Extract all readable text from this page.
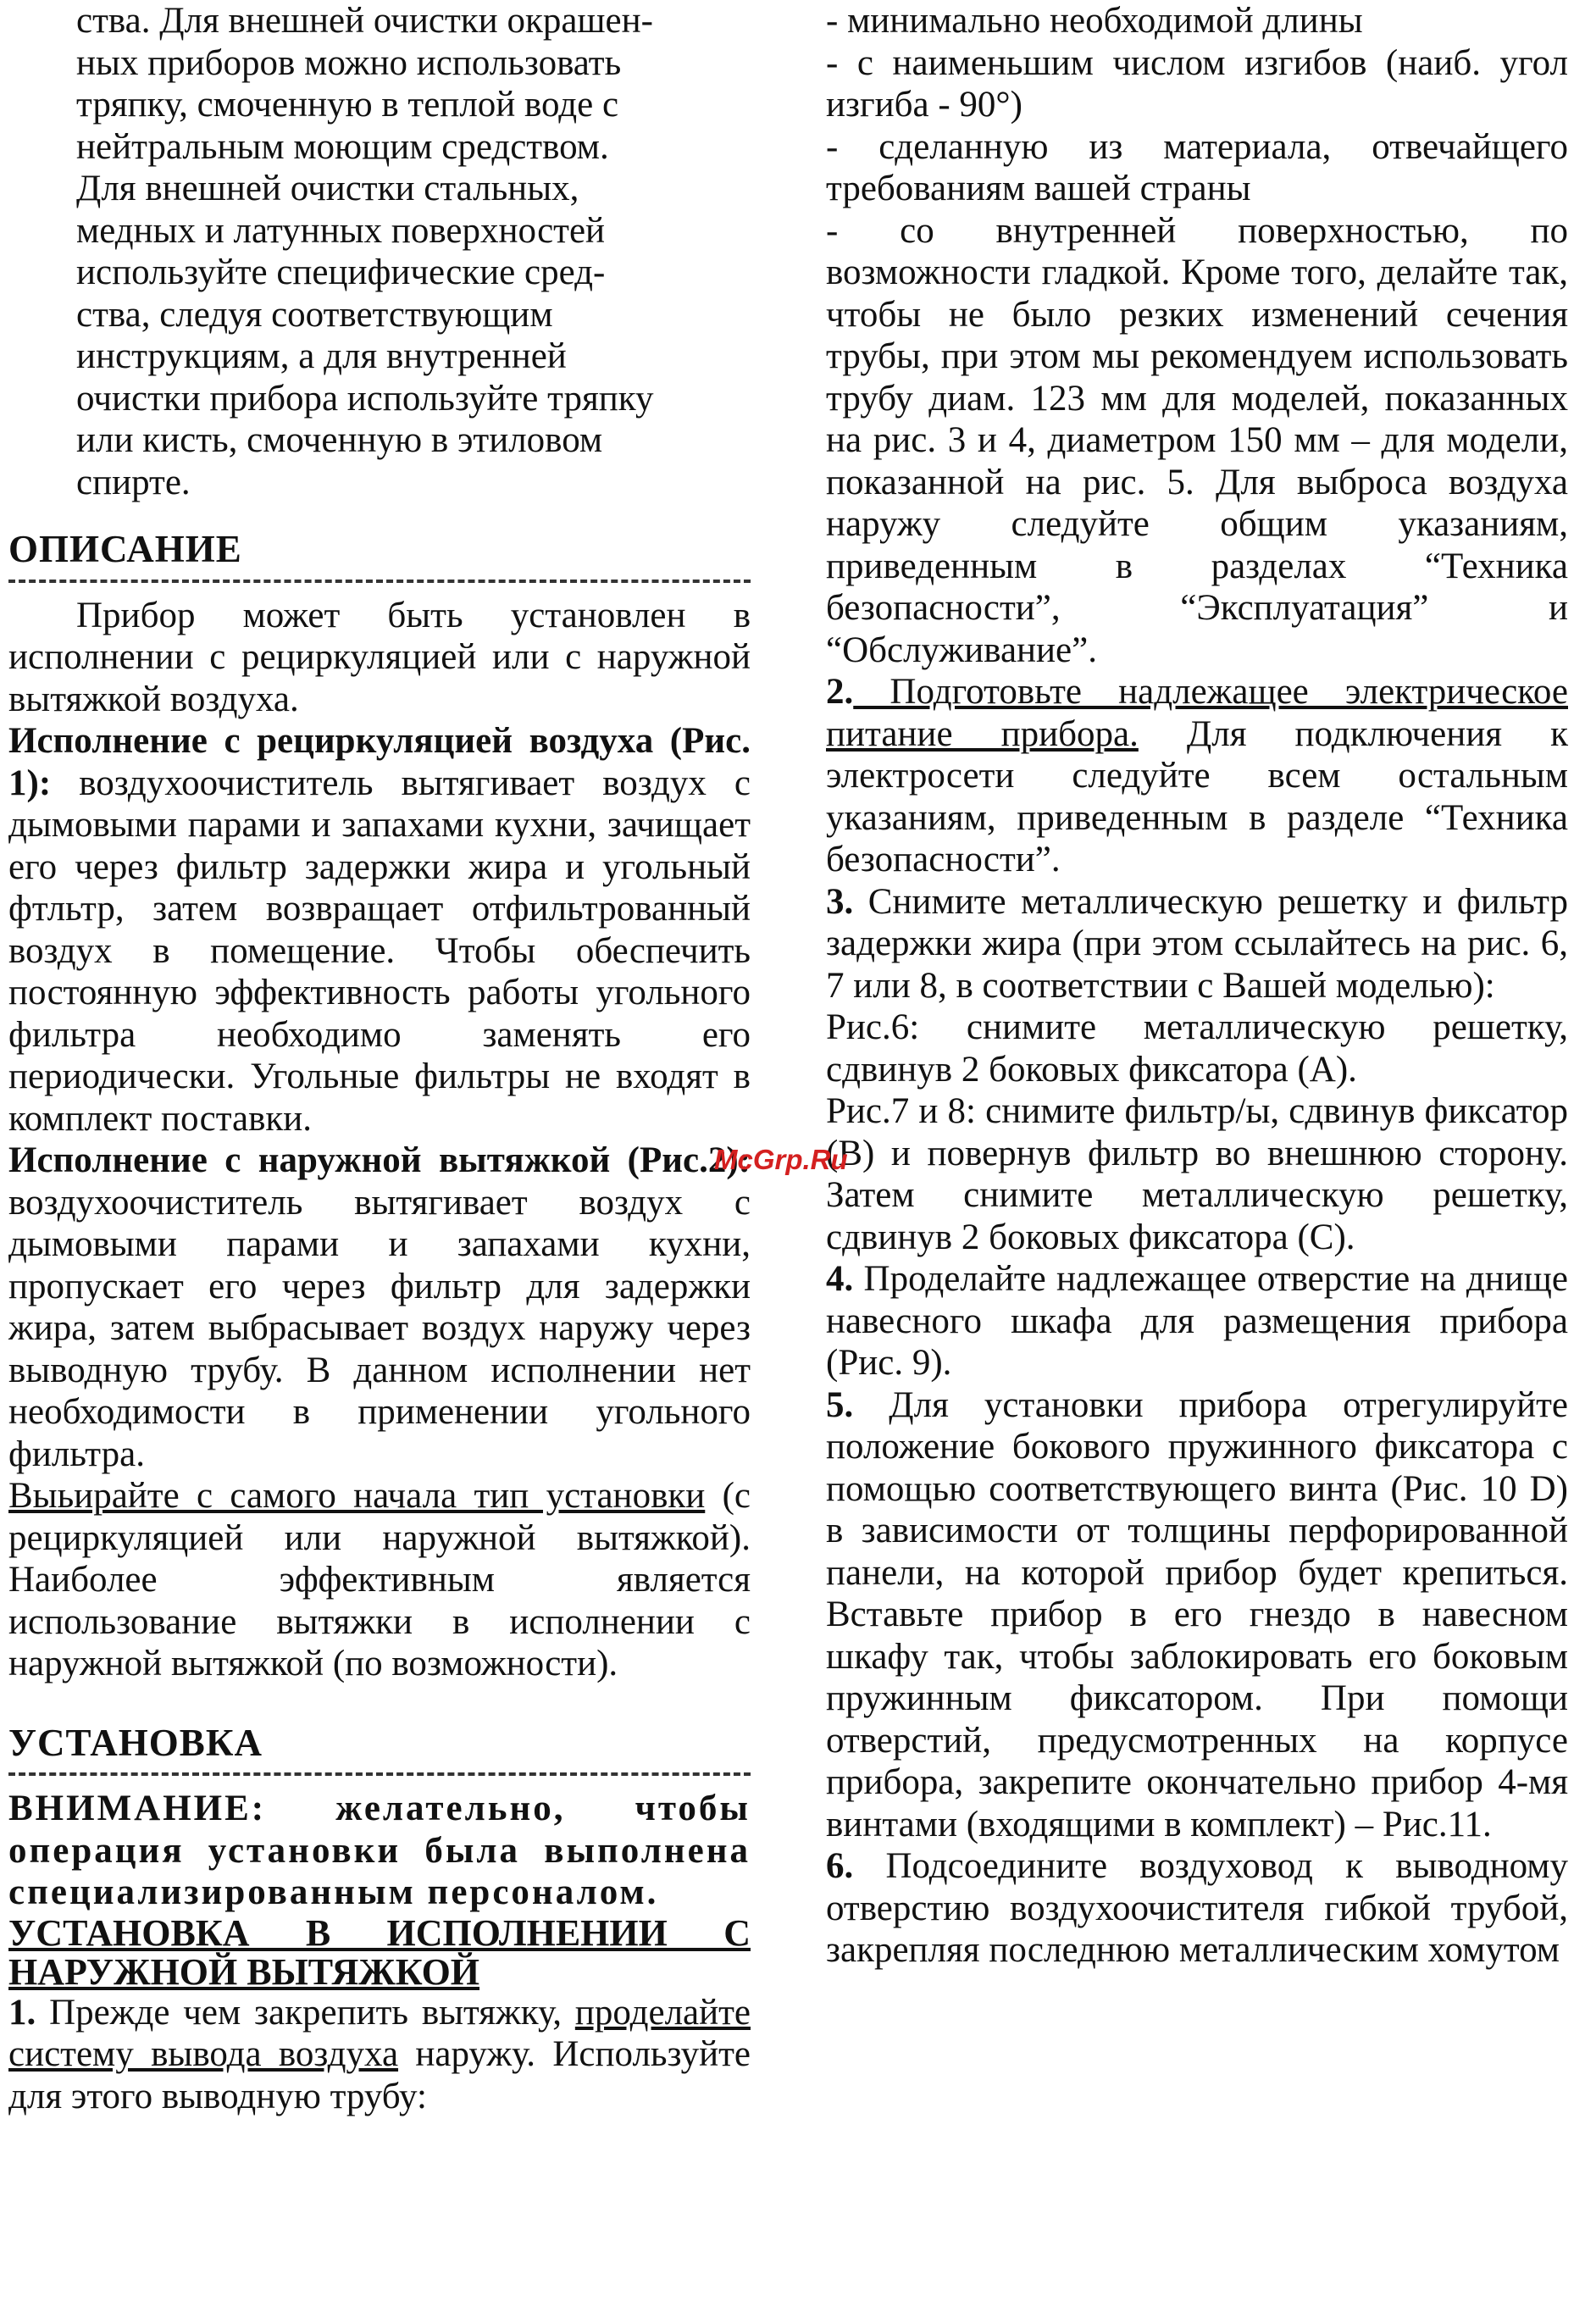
ства. Для внешней очистки окрашен-

ных приборов можно использовать

тряпку, смоченную в теплой воде с

нейтральным моющим средством.

Для внешней очистки стальных,

медных и латунных поверхностей

используйте специфические сред-

ства, следуя соответствующим

инструкциям, а для внутренней

очистки прибора используйте тряпку

или кисть, смоченную в этиловом

спирте.

ОПИСАНИЕ

Прибор может быть установлен в исполнении с рециркуляцией или с наружной вытяжкой воздуха.

Исполнение с рециркуляцией воздуха (Рис. 1): воздухоочиститель вытягивает воздух с дымовыми парами и запахами кухни, зачищает его через фильтр задержки жира и угольный фтльтр, затем возвращает отфильтрованный воздух в помещение. Чтобы обеспечить постоянную эффективность работы угольного фильтра необходимо заменять его периодически. Угольные фильтры не входят в комплект поставки.

Исполнение с наружной вытяжкой (Рис.2): воздухоочиститель вытягивает воздух с дымовыми парами и запахами кухни, пропускает его через фильтр для задержки жира, затем выбрасывает воздух наружу через выводную трубу. В данном исполнении нет необходимости в применении угольного фильтра.

Выьирайте с самого начала тип установки (с рециркуляцией или наружной вытяжкой). Наиболее эффективным является использование вытяжки в исполнении с наружной вытяжкой (по возможности).

УСТАНОВКА

ВНИМАНИЕ: желательно, чтобы операция установки была выполнена специализированным персоналом.

УСТАНОВКА В ИСПОЛНЕНИИ С НАРУЖНОЙ ВЫТЯЖКОЙ

1. Прежде чем закрепить вытяжку, проделайте систему вывода воздуха наружу. Используйте для этого выводную трубу:

- минимально необходимой длины

- с наименьшим числом изгибов (наиб. угол изгиба - 90°)

- сделанную из материала, отвечайщего требованиям вашей страны

- со внутренней поверхностью, по возможности гладкой. Кроме того, делайте так, чтобы не было резких изменений сечения трубы, при этом мы рекомендуем использовать трубу диам. 123 мм для моделей, показанных на рис. 3 и 4, диаметром 150 мм – для модели, показанной на рис. 5. Для выброса воздуха наружу следуйте общим указаниям, приведенным в разделах “Техника безопасности”, “Эксплуатация” и “Обслуживание”.

2. Подготовьте надлежащее электрическое питание прибора. Для подключения к электросети следуйте всем остальным указаниям, приведенным в разделе “Техника безопасности”.

3. Снимите металлическую решетку и фильтр задержки жира (при этом ссылайтесь на рис. 6, 7 или 8, в соответствии с Вашей моделью):

Рис.6: снимите металлическую решетку, сдвинув 2 боковых фиксатора (А).

Рис.7 и 8: снимите фильтр/ы, сдвинув фиксатор (В) и повернув фильтр во внешнюю сторону. Затем снимите металлическую решетку, сдвинув 2 боковых фиксатора (С).

4. Проделайте надлежащее отверстие на днище навесного шкафа для размещения прибора (Рис. 9).

5. Для установки прибора отрегулируйте положение бокового пружинного фиксатора с помощью соответствующего винта (Рис. 10 D) в зависимости от толщины перфорированной панели, на которой прибор будет крепиться. Вставьте прибор в его гнездо в навесном шкафу так, чтобы заблокировать его боковым пружинным фиксатором. При помощи отверстий, предусмотренных на корпусе прибора, закрепите окончательно прибор 4-мя винтами (входящими в комплект) – Рис.11.

6. Подсоедините воздуховод к выводному отверстию воздухоочистителя гибкой трубой, закрепляя последнюю металлическим хомутом

McGrp.Ru
